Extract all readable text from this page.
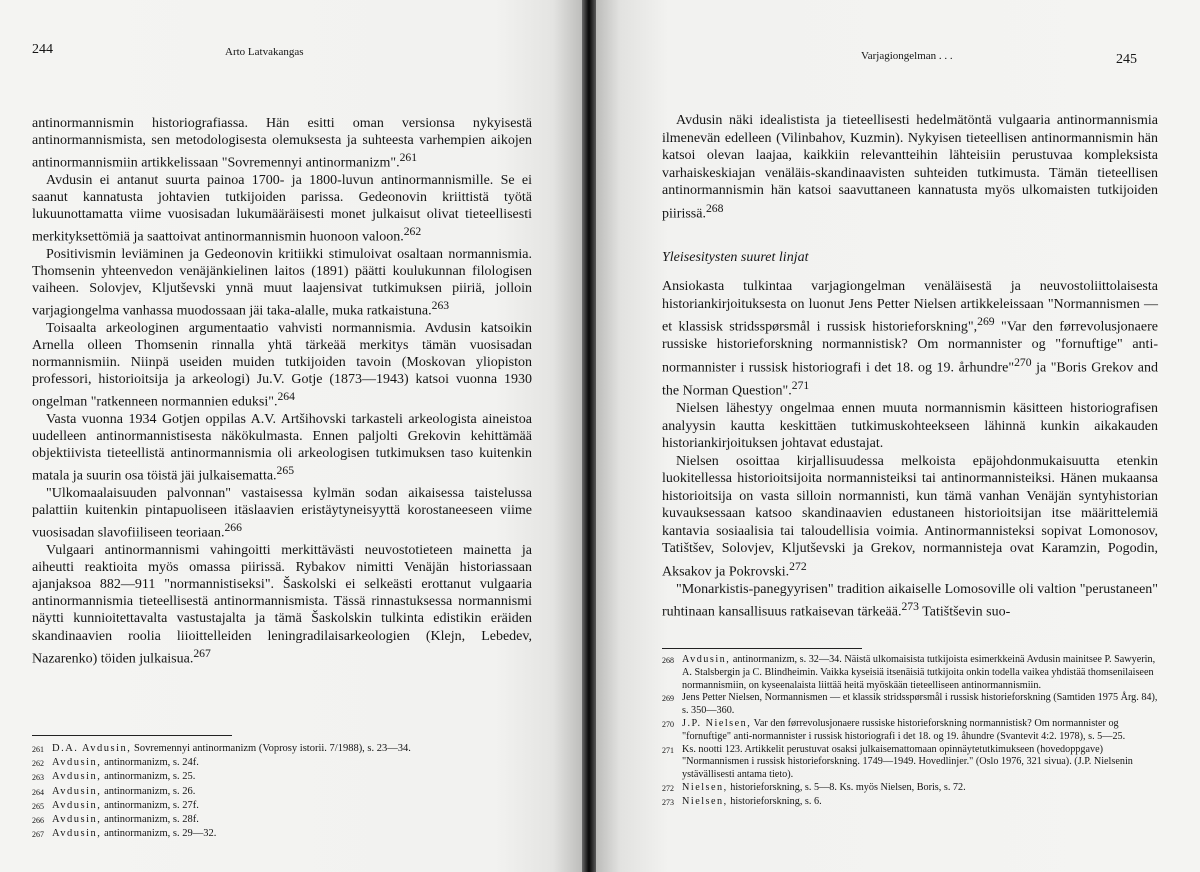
244	Arto Latvakangas

antinormannismin historiografiassa. Hän esitti oman versionsa nykyisestä antinormannismista, sen metodologisesta olemuksesta ja suhteesta varhempien aikojen antinormannismiin artikkelissaan "Sovremennyi antinormanizm".$^{261}$

Avdusin ei antanut suurta painoa 1700- ja 1800-luvun antinormannismille. Se ei saanut kannatusta johtavien tutkijoiden parissa. Gedeonovin kriittistä työtä lukuunottamatta viime vuosisadan lukumääräisesti monet julkaisut olivat tieteellisesti merkityksettömiä ja saattoivat antinormannismin huonoon valoon.$^{262}$

Positivismin leviäminen ja Gedeonovin kritiikki stimuloivat osaltaan normannismia. Thomsenin yhteenvedon venäjänkielinen laitos (1891) päätti koulukunnan filologisen vaiheen. Solovjev, Kljutševski ynnä muut laajensivat tutkimuksen piiriä, jolloin varjagiongelma vanhassa muodossaan jäi taka-alalle, muka ratkaistuna.$^{263}$

Toisaalta arkeologinen argumentaatio vahvisti normannismia. Avdusin katsoikin Arnella olleen Thomsenin rinnalla yhtä tärkeää merkitys tämän vuosisadan normannismiin. Niinpä useiden muiden tutkijoiden tavoin (Moskovan yliopiston professori, historioitsija ja arkeologi) Ju.V. Gotje (1873—1943) katsoi vuonna 1930 ongelman "ratkenneen normannien eduksi".$^{264}$

Vasta vuonna 1934 Gotjen oppilas A.V. Artšihovski tarkasteli arkeologista aineistoa uudelleen antinormannistisesta näkökulmasta. Ennen paljolti Grekovin kehittämää objektiivista tieteellistä antinormannismia oli arkeologisen tutkimuksen taso kuitenkin matala ja suurin osa töistä jäi julkaisematta.$^{265}$

"Ulkomaalaisuuden palvonnan" vastaisessa kylmän sodan aikaisessa taistelussa palattiin kuitenkin pintapuoliseen itäslaavien eristäytyneisyyttä korostaneeseen viime vuosisadan slavofiiliseen teoriaan.$^{266}$

Vulgaari antinormannismi vahingoitti merkittävästi neuvostotieteen mainetta ja aiheutti reaktioita myös omassa piirissä. Rybakov nimitti Venäjän historiassaan ajanjaksoa 882—911 "normannistiseksi". Šaskolski ei selkeästi erottanut vulgaaria antinormannismia tieteellisestä antinormannismista. Tässä rinnastuksessa normannismi näytti kunnioitettavalta vastustajalta ja tämä Šaskolskin tulkinta edistikin eräiden skandinaavien roolia liioittelleiden leningradilaisarkeologien (Klejn, Lebedev, Nazarenko) töiden julkaisua.$^{267}$

261 D.A. Avdusin, Sovremennyi antinormanizm (Voprosy istorii. 7/1988), s. 23—34.
262 Avdusin, antinormanizm, s. 24f.
263 Avdusin, antinormanizm, s. 25.
264 Avdusin, antinormanizm, s. 26.
265 Avdusin, antinormanizm, s. 27f.
266 Avdusin, antinormanizm, s. 28f.
267 Avdusin, antinormanizm, s. 29—32.
Varjagiongelman . . .	245

Avdusin näki idealistista ja tieteellisesti hedelmätöntä vulgaaria antinormannismia ilmenevän edelleen (Vilinbahov, Kuzmin). Nykyisen tieteellisen antinormannismin hän katsoi olevan laajaa, kaikkiin relevantteihin lähteisiin perustuvaa kompleksista varhaiskeskiajan venäläis-skandinaavisten suhteiden tutkimusta. Tämän tieteellisen antinormannismin hän katsoi saavuttaneen kannatusta myös ulkomaisten tutkijoiden piirissä.$^{268}$

Yleisesitysten suuret linjat

Ansiokasta tulkintaa varjagiongelman venäläisestä ja neuvostoliittolaisesta historiankirjoituksesta on luonut Jens Petter Nielsen artikkeleissaan "Normannismen — et klassisk stridsspørsmål i russisk historieforskning",$^{269}$ "Var den førrevolusjonaere russiske historieforskning normannistisk? Om normannister og "fornuftige" anti-normannister i russisk historiografi i det 18. og 19. århundre"$^{270}$ ja "Boris Grekov and the Norman Question".$^{271}$

Nielsen lähestyy ongelmaa ennen muuta normannismin käsitteen historiografisen analyysin kautta keskittäen tutkimuskohteekseen lähinnä kunkin aikakauden historiankirjoituksen johtavat edustajat.

Nielsen osoittaa kirjallisuudessa melkoista epäjohdonmukaisuutta etenkin luokitellessa historioitsijoita normannisteiksi tai antinormannisteiksi. Hänen mukaansa historioitsija on vasta silloin normannisti, kun tämä vanhan Venäjän syntyhistorian kuvauksessaan katsoo skandinaavien edustaneen historioitsijan itse määrittelemiä kantavia sosiaalisia tai taloudellisia voimia. Antinormannisteksi sopivat Lomonosov, Tatištšev, Solovjev, Kljutševski ja Grekov, normannisteja ovat Karamzin, Pogodin, Aksakov ja Pokrovski.$^{272}$

"Monarkistis-panegyyrisen" tradition aikaiselle Lomosoville oli valtion "perustaneen" ruhtinaan kansallisuus ratkaisevan tärkeää.$^{273}$ Tatištševin suo-

268 Avdusin, antinormanizm, s. 32—34. Näistä ulkomaisista tutkijoista esimerkkeinä Avdusin mainitsee P. Sawyerin, A. Stalsbergin ja C. Blindheimin. Vaikka kyseisiä itsenäisiä tutkijoita onkin todella vaikea yhdistää thomsenilaiseen normannismiin, on kyseenalaista liittää heitä myöskään tieteelliseen antinormannismiin.
269 Jens Petter Nielsen, Normannismen — et klassik stridsspørsmål i russisk historieforskning (Samtiden 1975 Årg. 84), s. 350—360.
270 J.P. Nielsen, Var den førrevolusjonaere russiske historieforskning normannistisk? Om normannister og "fornuftige" anti-normannister i russisk historiografi i det 18. og 19. åhundre (Svantevit 4:2. 1978), s. 5—25.
271 Ks. nootti 123. Artikkelit perustuvat osaksi julkaisemattomaan opinnäytetutkimukseen (hovedoppgave) "Normannismen i russisk historieforskning. 1749—1949. Hovedlinjer." (Oslo 1976, 321 sivua). (J.P. Nielsenin ystävällisesti antama tieto).
272 Nielsen, historieforskning, s. 5—8. Ks. myös Nielsen, Boris, s. 72.
273 Nielsen, historieforskning, s. 6.
